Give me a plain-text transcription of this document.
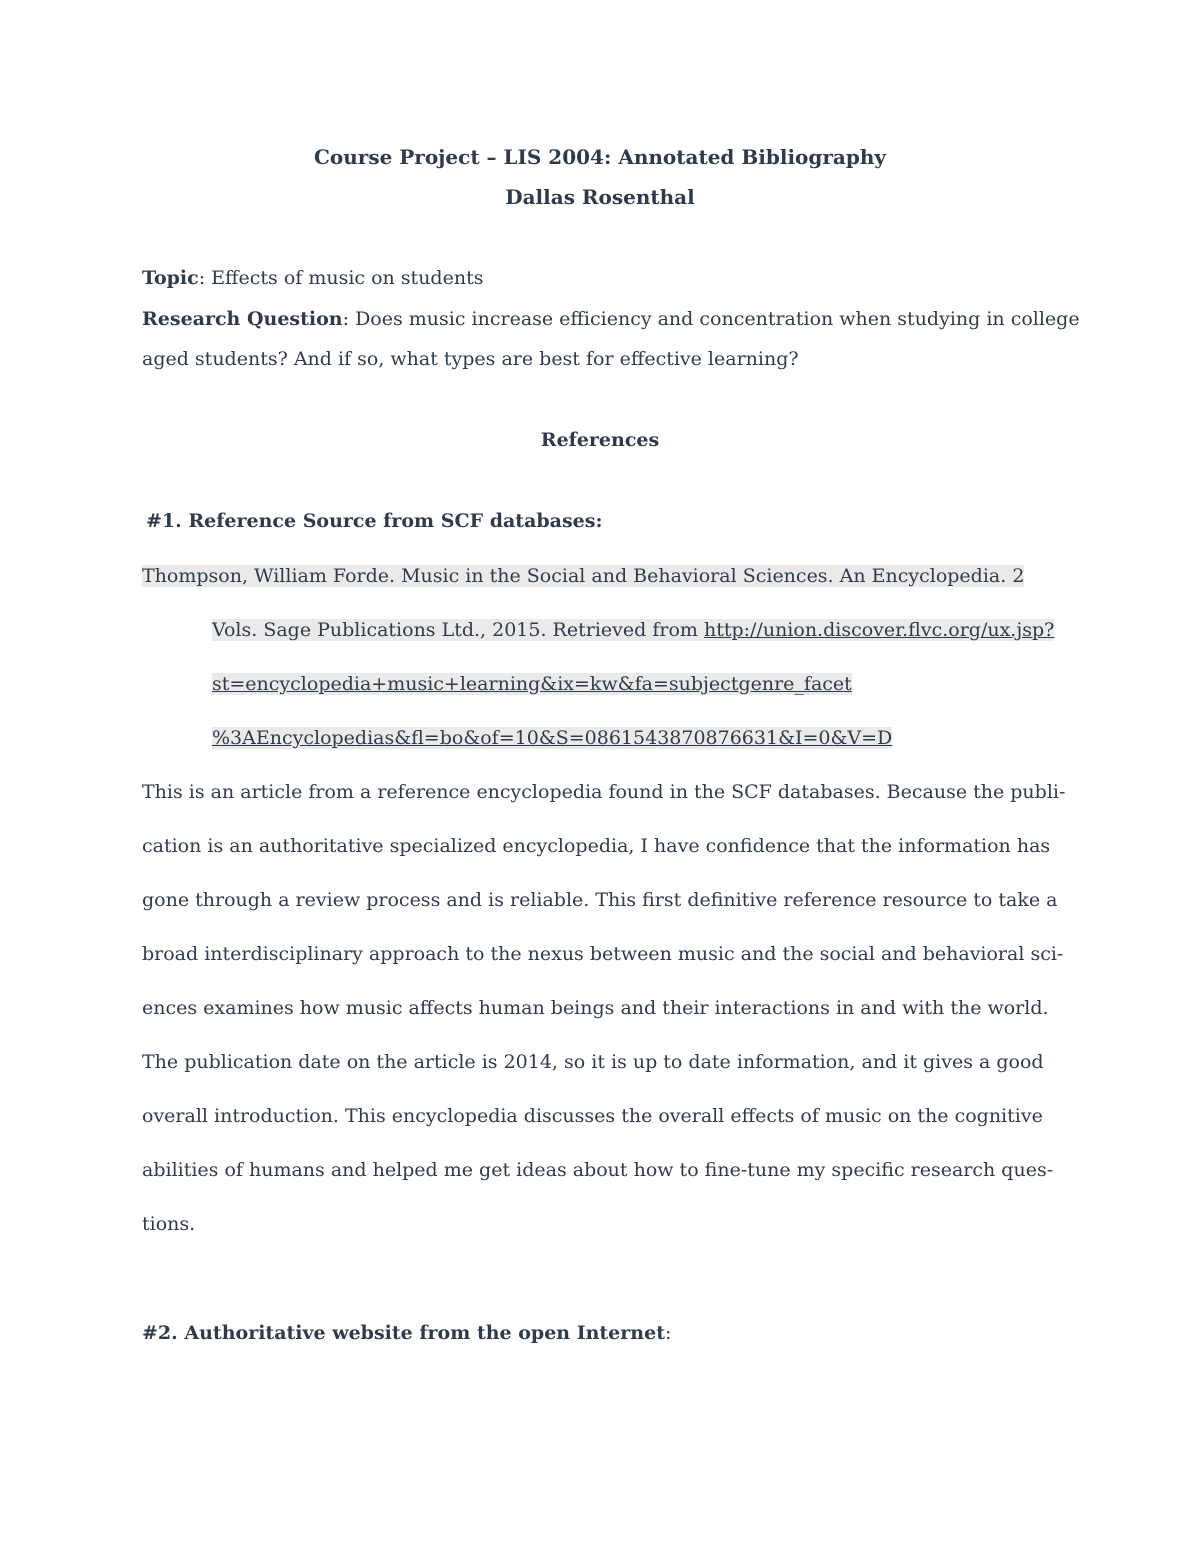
Course Project – LIS 2004: Annotated Bibliography
Dallas Rosenthal
Topic: Effects of music on students
Research Question: Does music increase efficiency and concentration when studying in college
aged students? And if so, what types are best for effective learning?
References
#1. Reference Source from SCF databases:
Thompson, William Forde. Music in the Social and Behavioral Sciences. An Encyclopedia. 2
Vols. Sage Publications Ltd., 2015. Retrieved from http://union.discover.flvc.org/ux.jsp?
st=encyclopedia+music+learning&ix=kw&fa=subjectgenre_facet
%3AEncyclopedias&fl=bo&of=10&S=0861543870876631&I=0&V=D
This is an article from a reference encyclopedia found in the SCF databases. Because the publi-
cation is an authoritative specialized encyclopedia, I have confidence that the information has
gone through a review process and is reliable. This first definitive reference resource to take a
broad interdisciplinary approach to the nexus between music and the social and behavioral sci-
ences examines how music affects human beings and their interactions in and with the world.
The publication date on the article is 2014, so it is up to date information, and it gives a good
overall introduction. This encyclopedia discusses the overall effects of music on the cognitive
abilities of humans and helped me get ideas about how to fine-tune my specific research ques-
tions.
#2. Authoritative website from the open Internet:
